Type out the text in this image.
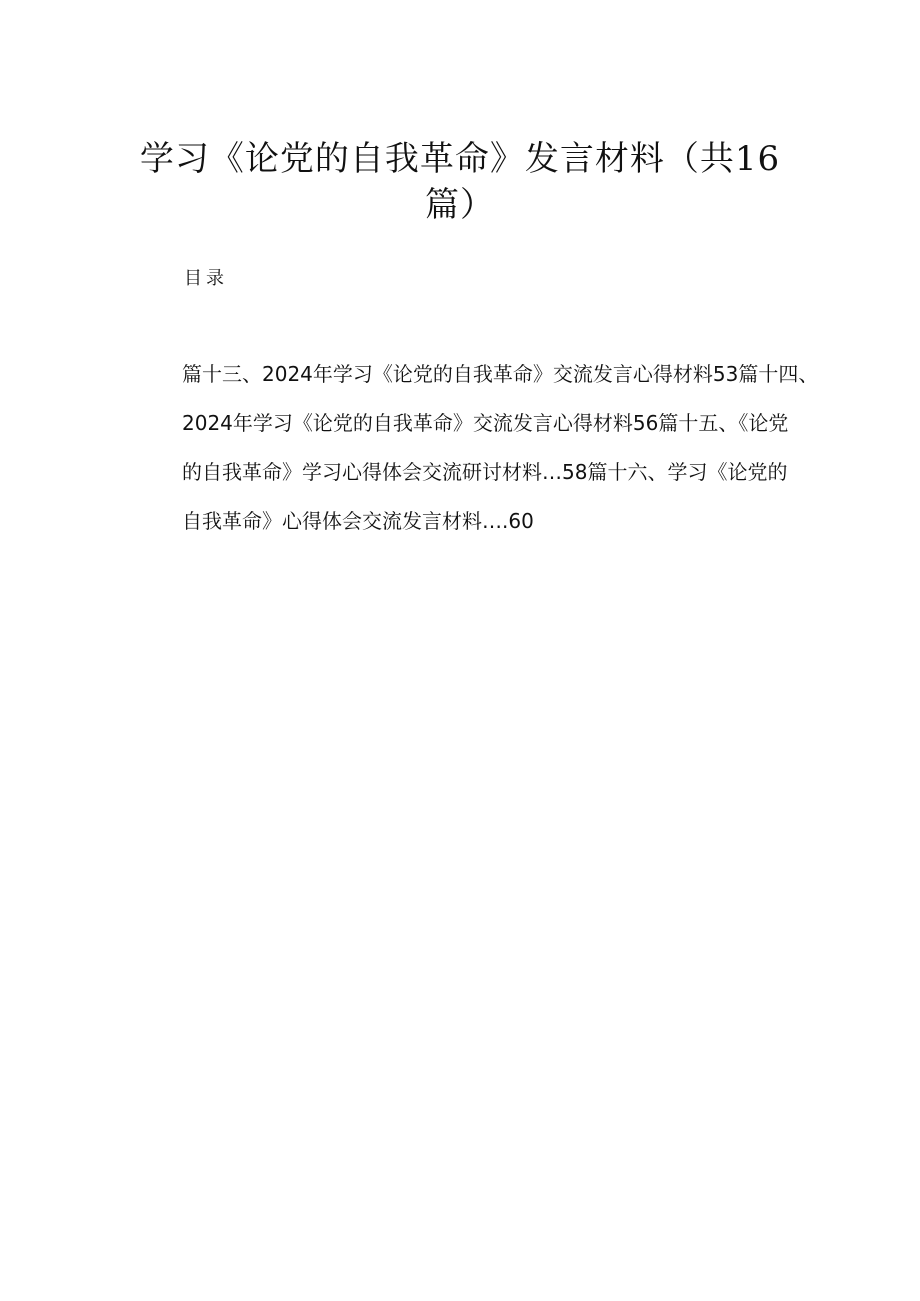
学习《论党的自我革命》发言材料（共16
篇）
目录
篇十三、2024年学习《论党的自我革命》交流发言心得材料53篇十四、
2024年学习《论党的自我革命》交流发言心得材料56篇十五、《论党
的自我革命》学习心得体会交流研讨材料…58篇十六、学习《论党的
自我革命》心得体会交流发言材料….60
